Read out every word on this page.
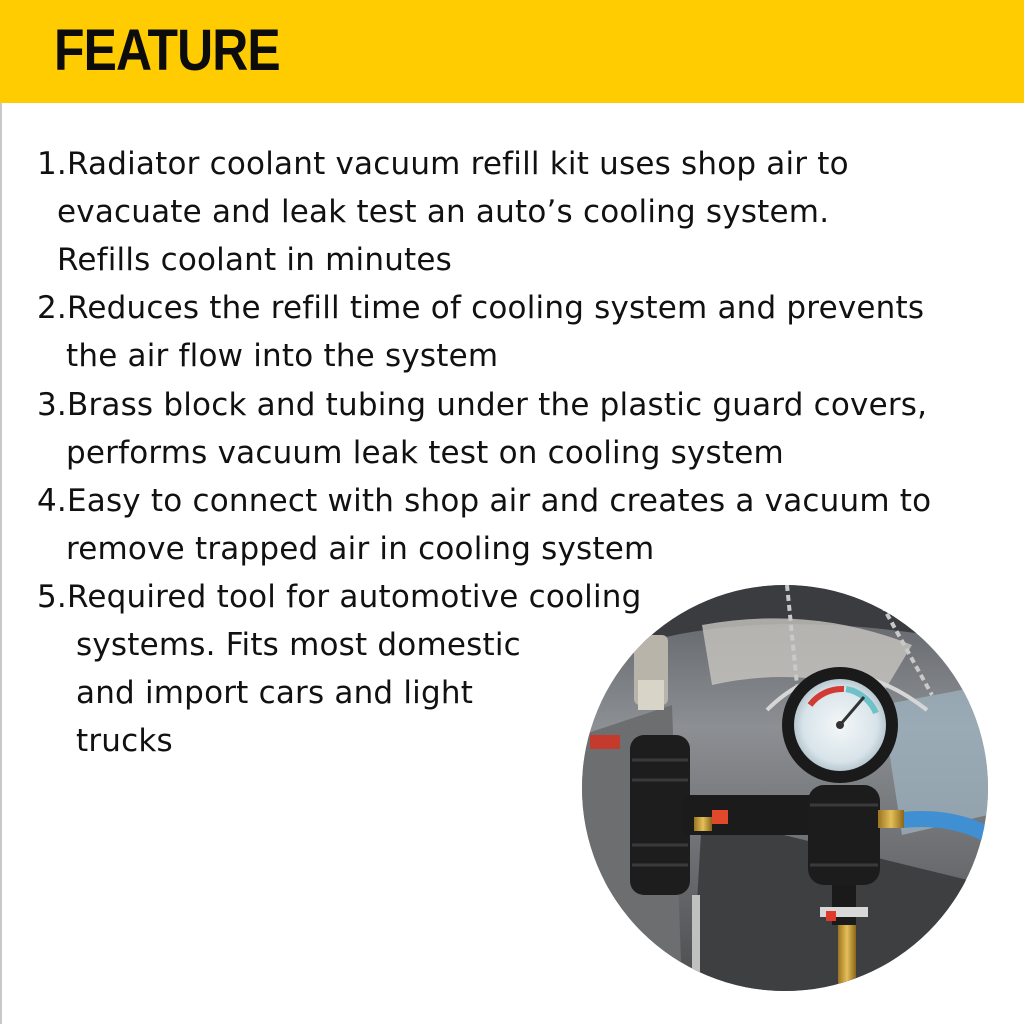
FEATURE

1.Radiator coolant vacuum refill kit uses shop air to

evacuate and leak test an auto’s cooling system.

Refills coolant in minutes

2.Reduces the refill time of cooling system and prevents

the air flow into the system

3.Brass block and tubing under the plastic guard covers,

performs vacuum leak test on cooling system

4.Easy to connect with shop air and creates a vacuum to

remove trapped air in cooling system

5.Required tool for automotive cooling

systems. Fits most domestic

and import cars and light

trucks
